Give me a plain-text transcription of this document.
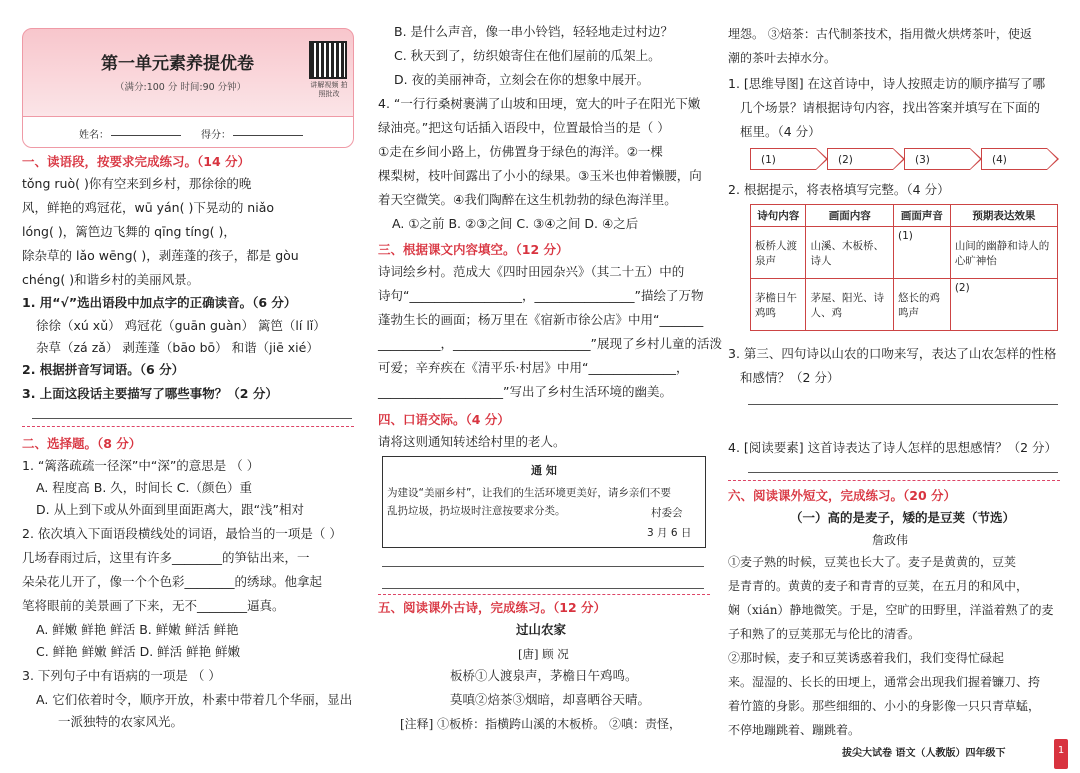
第一单元素养提优卷
（满分:100 分 时间:90 分钟）	讲解视频 拍照批改
姓名：	得分：
一、读语段，按要求完成练习。（14 分）
tǒng ruò( )你有空来到乡村，那徐徐的晚
风，鲜艳的鸡冠花，wū yán( )下晃动的 niǎo
lóng( )，篱笆边飞舞的 qīng tíng( )，
除杂草的 lǎo wēng( )，剥莲蓬的孩子，都是 gòu
chéng( )和谐乡村的美丽风景。
1. 用“√”选出语段中加点字的正确读音。（6 分）
徐徐（xú xǔ） 鸡冠花（guān guàn） 篱笆（lí lǐ）
杂草（zá zǎ） 剥莲蓬（bāo bō） 和谐（jiē xié）
2. 根据拼音写词语。（6 分）
3. 上面这段话主要描写了哪些事物？（2 分）
二、选择题。（8 分）
1. “篱落疏疏一径深”中“深”的意思是 （ ）
A. 程度高 B. 久，时间长 C.（颜色）重
D. 从上到下或从外面到里面距离大，跟“浅”相对
2. 依次填入下面语段横线处的词语，最恰当的一项是（ ）
几场春雨过后，这里有许多________的笋钻出来，一
朵朵花儿开了，像一个个色彩________的绣球。他拿起
笔将眼前的美景画了下来，无不________逼真。
A. 鲜嫩 鲜艳 鲜活 B. 鲜嫩 鲜活 鲜艳
C. 鲜艳 鲜嫩 鲜活 D. 鲜活 鲜艳 鲜嫩
3. 下列句子中有语病的一项是 （ ）
A. 它们依着时令，顺序开放，朴素中带着几个华丽，显出
一派独特的农家风光。
B. 是什么声音，像一串小铃铛，轻轻地走过村边？
C. 秋天到了，纺织娘寄住在他们屋前的瓜架上。
D. 夜的美丽神奇，立刻会在你的想象中展开。
4. “一行行桑树裹满了山坡和田埂，宽大的叶子在阳光下嫩
绿油亮。”把这句话插入语段中，位置最恰当的是（ ）
①走在乡间小路上，仿佛置身于绿色的海洋。②一棵
棵梨树，枝叶间露出了小小的绿果。③玉米也伸着懒腰，向
着天空微笑。④我们陶醉在这生机勃勃的绿色海洋里。
A. ①之前 B. ②③之间 C. ③④之间 D. ④之后
三、根据课文内容填空。（12 分）
诗词绘乡村。范成大《四时田园杂兴》（其二十五）中的
诗句“__________________，________________”描绘了万物
蓬勃生长的画面；杨万里在《宿新市徐公店》中用“_______
__________，______________________”展现了乡村儿童的活泼
可爱；辛弃疾在《清平乐·村居》中用“______________，
____________________”写出了乡村生活环境的幽美。
四、口语交际。（4 分）
请将这则通知转述给村里的老人。
通 知
为建设“美丽乡村”，让我们的生活环境更美好，请乡亲们不要
乱扔垃圾，扔垃圾时注意按要求分类。	村委会
3 月 6 日
五、阅读课外古诗，完成练习。（12 分）
过山农家
[唐] 顾 况
板桥①人渡泉声，茅檐日午鸡鸣。
莫嗔②焙茶③烟暗，却喜晒谷天晴。
[注释] ①板桥：指横跨山溪的木板桥。 ②嗔：责怪，
埋怨。 ③焙茶：古代制茶技术，指用微火烘烤茶叶，使返
潮的茶叶去掉水分。
1. [思维导图] 在这首诗中，诗人按照走访的顺序描写了哪
几个场景？请根据诗句内容，找出答案并填写在下面的
框里。（4 分）
(1)	(2)	(3)	(4)
2. 根据提示，将表格填写完整。（4 分）
诗句内容	画面内容	画面声音	预期表达效果
板桥人渡泉声	山溪、木板桥、诗人	(1)	山间的幽静和诗人的心旷神怡
茅檐日午鸡鸣	茅屋、阳光、诗人、鸡	悠长的鸡鸣声	(2)
3. 第三、四句诗以山农的口吻来写，表达了山农怎样的性格
和感情？（2 分）
4. [阅读要素] 这首诗表达了诗人怎样的思想感情？（2 分）
六、阅读课外短文，完成练习。（20 分）
（一）高的是麦子，矮的是豆荚（节选）
詹政伟
①麦子熟的时候，豆荚也长大了。麦子是黄黄的，豆荚
是青青的。黄黄的麦子和青青的豆荚，在五月的和风中，
娴（xián）静地微笑。于是，空旷的田野里，洋溢着熟了的麦
子和熟了的豆荚那无与伦比的清香。
②那时候，麦子和豆荚诱惑着我们，我们变得忙碌起
来。湿湿的、长长的田埂上，通常会出现我们握着镰刀、挎
着竹篮的身影。那些细细的、小小的身影像一只只青草蜢，
不停地蹦跳着、蹦跳着。
拔尖大试卷 语文（人教版）四年级下	1
